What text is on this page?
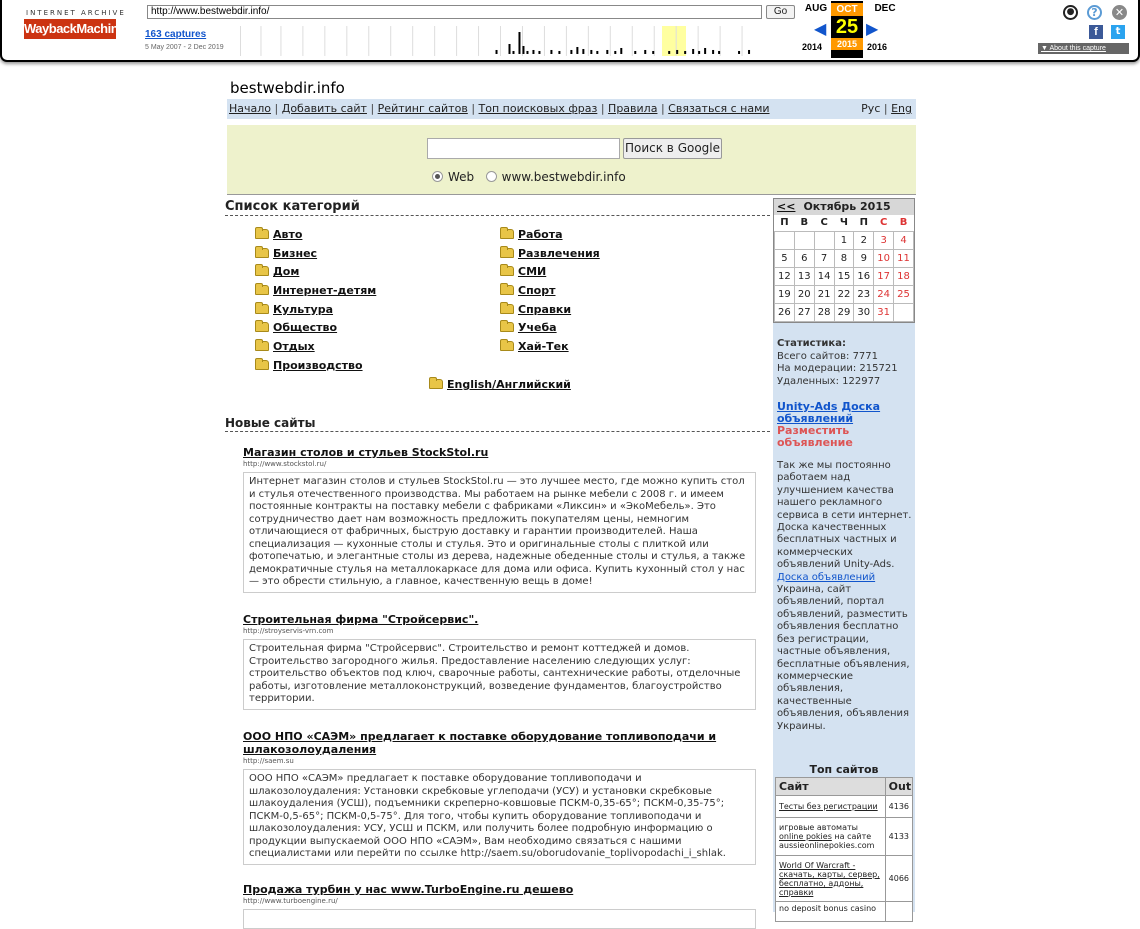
INTERNET ARCHIVE
WaybackMachine
http://www.bestwebdir.info/	Go
163 captures
5 May 2007 - 2 Dec 2019
AUG	DEC
◀ ▶
OCT
25
2015
2014	2016
●	?	✕
f	t
▼ About this capture
bestwebdir.info
Начало | Добавить сайт | Рейтинг сайтов | Топ поисковых фраз | Правила | Связаться с нами	Рус | Eng
Поиск в Google
Web www.bestwebdir.info
Список категорий
Авто
Бизнес
Дом
Интернет-детям
Культура
Общество
Отдых
Производство
Работа
Развлечения
СМИ
Спорт
Справки
Учеба
Хай-Тек
English/Английский
Новые сайты
Магазин столов и стульев StockStol.ru
http://www.stockstol.ru/
Интернет магазин столов и стульев StockStol.ru — это лучшее место, где можно купить стол и стулья отечественного производства. Мы работаем на рынке мебели с 2008 г. и имеем постоянные контракты на поставку мебели с фабриками «Ликсин» и «ЭкоМебель». Это сотрудничество дает нам возможность предложить покупателям цены, немногим отличающиеся от фабричных, быструю доставку и гарантии производителей. Наша специализация — кухонные столы и стулья. Это и оригинальные столы с плиткой или фотопечатью, и элегантные столы из дерева, надежные обеденные столы и стулья, а также демократичные стулья на металлокаркасе для дома или офиса. Купить кухонный стол у нас — это обрести стильную, а главное, качественную вещь в доме!
Строительная фирма "Стройсервис".
http://stroyservis-vrn.com
Строительная фирма "Стройсервис". Строительство и ремонт коттеджей и домов. Строительство загородного жилья. Предоставление населению следующих услуг: строительство объектов под ключ, сварочные работы, сантехнические работы, отделочные работы, изготовление металлоконструкций, возведение фундаментов, благоустройство территории.
ООО НПО «САЭМ» предлагает к поставке оборудование топливоподачи и шлакозолоудаления
http://saem.su
ООО НПО «САЭМ» предлагает к поставке оборудование топливоподачи и шлакозолоудаления: Установки скребковые углеподачи (УСУ) и установки скребковые шлакоудаления (УСШ), подъемники скреперно-ковшовые ПСКМ-0,35-65°; ПСКМ-0,35-75°; ПСКМ-0,5-65°; ПСКМ-0,5-75°. Для того, чтобы купить оборудование топливоподачи и шлакозолоудаления: УСУ, УСШ и ПСКМ, или получить более подробную информацию о продукции выпускаемой ООО НПО «САЭМ», Вам необходимо связаться с нашими специалистами или перейти по ссылке http://saem.su/oborudovanie_toplivopodachi_i_shlak.
Продажа турбин у нас www.TurboEngine.ru дешево
http://www.turboengine.ru/
<< Октябрь 2015
П	В	С	Ч	П	С	В
			1	2	3	4
5	6	7	8	9	10	11
12	13	14	15	16	17	18
19	20	21	22	23	24	25
26	27	28	29	30	31	
Статистика:
Всего сайтов: 7771
На модерации: 215721
Удаленных: 122977
Unity-Ads Доска объявлений
Разместить объявление
Так же мы постоянно работаем над улучшением качества нашего рекламного сервиса в сети интернет. Доска качественных бесплатных частных и коммерческих объявлений Unity-Ads. Доска объявлений Украина, сайт объявлений, портал объявлений, разместить объявления бесплатно без регистрации, частные объявления, бесплатные объявления, коммерческие объявления, качественные объявления, объявления Украины.
Топ сайтов
Сайт	Out
Тесты без регистрации	4136
игровые автоматы online pokies на сайте aussieonlinepokies.com	4133
World Of Warcraft - скачать, карты, сервер, бесплатно, аддоны, справки	4066
no deposit bonus casino	
